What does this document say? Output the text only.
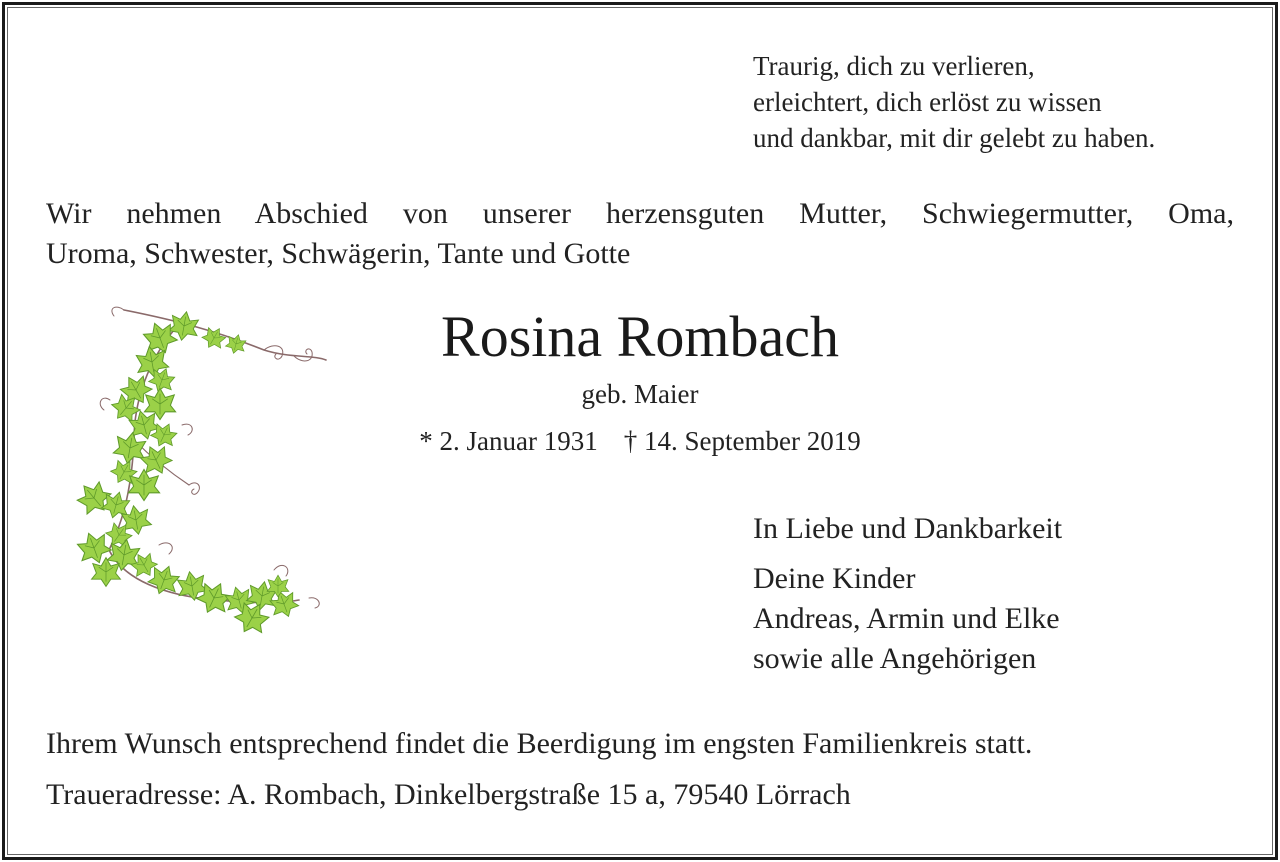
Traurig, dich zu verlieren,
erleichtert, dich erlöst zu wissen
und dankbar, mit dir gelebt zu haben.
Wir nehmen Abschied von unserer herzensguten Mutter, Schwiegermutter, Oma,
Uroma, Schwester, Schwägerin, Tante und Gotte
Rosina Rombach
geb. Maier
* 2. Januar 1931 † 14. September 2019
In Liebe und Dankbarkeit
Deine Kinder
Andreas, Armin und Elke
sowie alle Angehörigen
Ihrem Wunsch entsprechend findet die Beerdigung im engsten Familienkreis statt.
Traueradresse: A. Rombach, Dinkelbergstraße 15 a, 79540 Lörrach
